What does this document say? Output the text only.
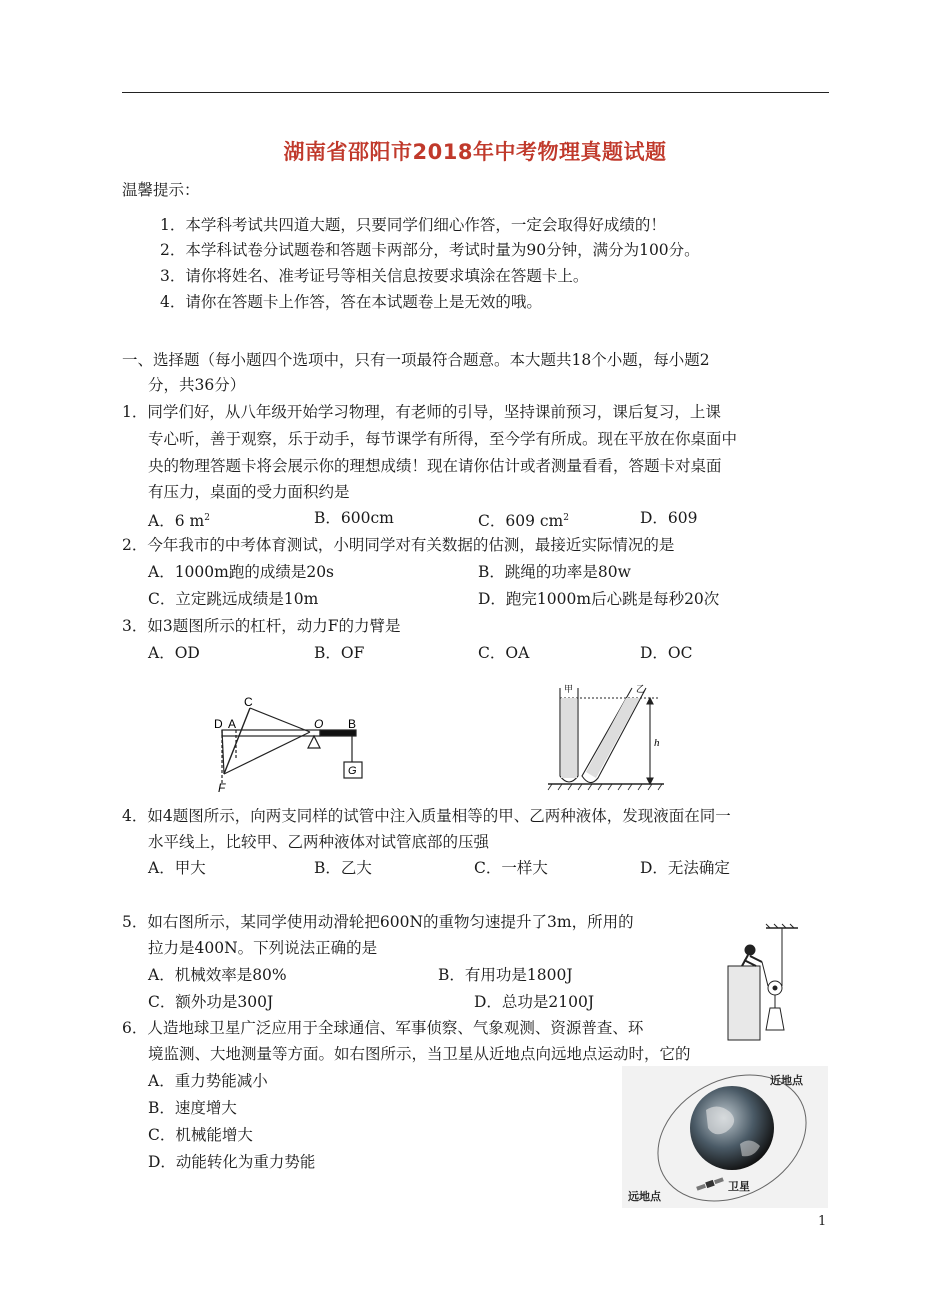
湖南省邵阳市2018年中考物理真题试题
温馨提示：
1．本学科考试共四道大题，只要同学们细心作答，一定会取得好成绩的！
2．本学科试卷分试题卷和答题卡两部分，考试时量为90分钟，满分为100分。
3．请你将姓名、准考证号等相关信息按要求填涂在答题卡上。
4．请你在答题卡上作答，答在本试题卷上是无效的哦。
一、选择题（每小题四个选项中，只有一项最符合题意。本大题共18个小题，每小题2
分，共36分）
1．同学们好，从八年级开始学习物理，有老师的引导，坚持课前预习，课后复习，上课
专心听，善于观察，乐于动手，每节课学有所得，至今学有所成。现在平放在你桌面中
央的物理答题卡将会展示你的理想成绩！现在请你估计或者测量看看，答题卡对桌面
有压力，桌面的受力面积约是
A．6 $m^2$	B．600cm	C．609 $cm^2$	D．609
2．今年我市的中考体育测试，小明同学对有关数据的估测，最接近实际情况的是
A．1000m跑的成绩是20s	B．跳绳的功率是80w
C．立定跳远成绩是10m	D．跑完1000m后心跳是每秒20次
3．如3题图所示的杠杆，动力F的力臂是
A．OD	B．OF	C．OA	D．OC
C
D A	O B
F
G
甲	乙
h
4．如4题图所示，向两支同样的试管中注入质量相等的甲、乙两种液体，发现液面在同一
水平线上，比较甲、乙两种液体对试管底部的压强
A．甲大	B．乙大	C．一样大	D．无法确定
5．如右图所示，某同学使用动滑轮把600N的重物匀速提升了3m，所用的
拉力是400N。下列说法正确的是
A．机械效率是80%	B．有用功是1800J
C．额外功是300J	D．总功是2100J
6．人造地球卫星广泛应用于全球通信、军事侦察、气象观测、资源普查、环
境监测、大地测量等方面。如右图所示，当卫星从近地点向远地点运动时，它的
A．重力势能减小
B．速度增大
C．机械能增大
D．动能转化为重力势能
近地点
远地点
卫星
1
